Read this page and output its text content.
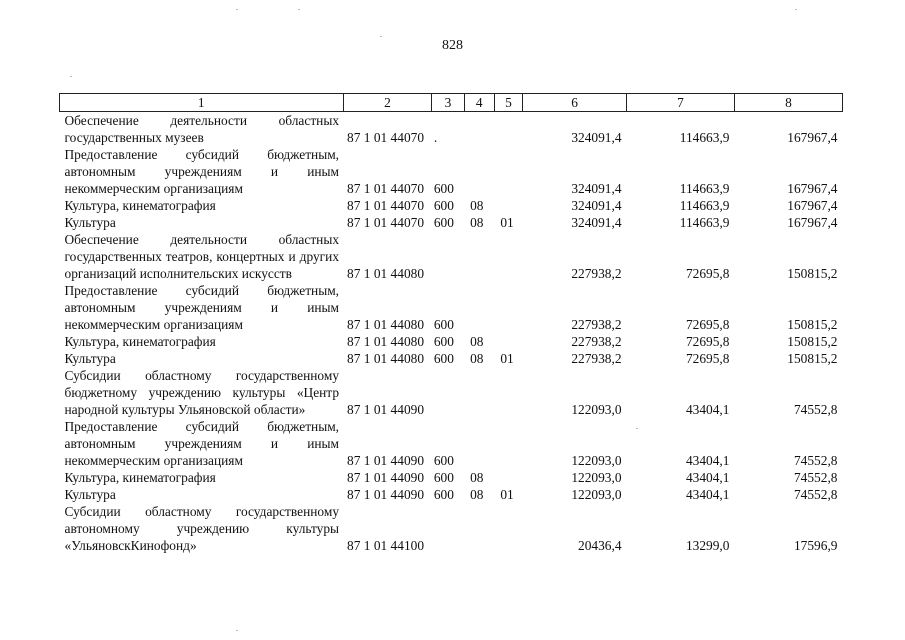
828
1	2	3	4	5	6	7	8
Обеспечение деятельности областных государственных музеев	87 1 01 44070	.			324091,4	114663,9	167967,4
Предоставление субсидий бюджетным, автономным учреждениям и иным некоммерческим организациям	87 1 01 44070	600			324091,4	114663,9	167967,4
Культура, кинематография	87 1 01 44070	600	08		324091,4	114663,9	167967,4
Культура	87 1 01 44070	600	08	01	324091,4	114663,9	167967,4
Обеспечение деятельности областных государственных театров, концертных и других организаций исполнительских искусств	87 1 01 44080				227938,2	72695,8	150815,2
Предоставление субсидий бюджетным, автономным учреждениям и иным некоммерческим организациям	87 1 01 44080	600			227938,2	72695,8	150815,2
Культура, кинематография	87 1 01 44080	600	08		227938,2	72695,8	150815,2
Культура	87 1 01 44080	600	08	01	227938,2	72695,8	150815,2
Субсидии областному государственному бюджетному учреждению культуры «Центр народной культуры Ульяновской области»	87 1 01 44090				122093,0	43404,1	74552,8
Предоставление субсидий бюджетным, автономным учреждениям и иным некоммерческим организациям	87 1 01 44090	600			122093,0	43404,1	74552,8
Культура, кинематография	87 1 01 44090	600	08		122093,0	43404,1	74552,8
Культура	87 1 01 44090	600	08	01	122093,0	43404,1	74552,8
Субсидии областному государственному автономному учреждению культуры «УльяновскКинофонд»	87 1 01 44100				20436,4	13299,0	17596,9
